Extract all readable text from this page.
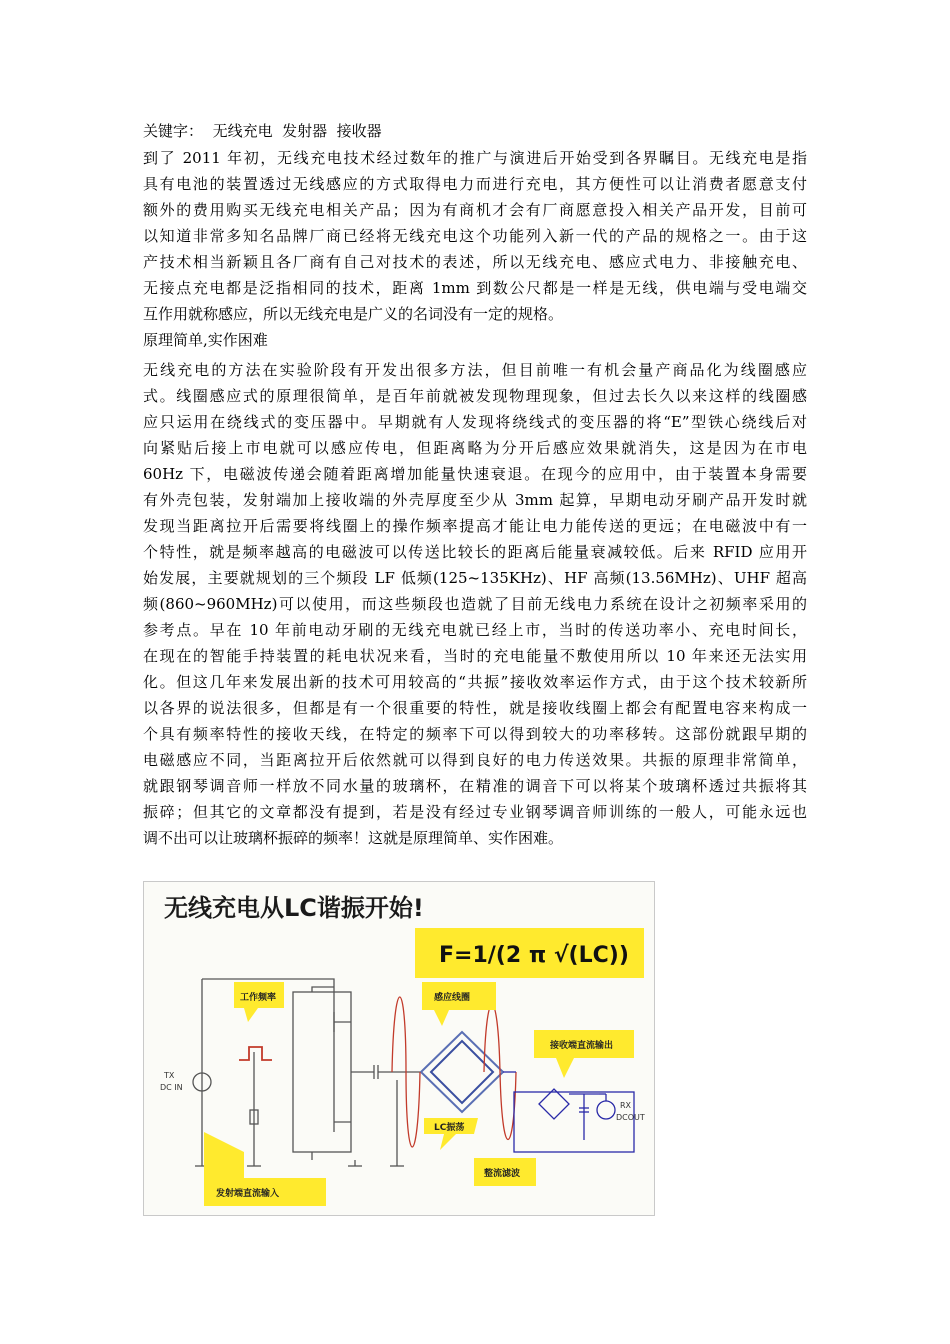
关键字： 无线充电  发射器  接收器
到了 2011 年初，无线充电技术经过数年的推广与演进后开始受到各界瞩目。无线充电是指
具有电池的装置透过无线感应的方式取得电力而进行充电，其方便性可以让消费者愿意支付
额外的费用购买无线充电相关产品；因为有商机才会有厂商愿意投入相关产品开发，目前可
以知道非常多知名品牌厂商已经将无线充电这个功能列入新一代的产品的规格之一。由于这
产技术相当新颖且各厂商有自己对技术的表述，所以无线充电、感应式电力、非接触充电、
无接点充电都是泛指相同的技术，距离 1mm 到数公尺都是一样是无线，供电端与受电端交
互作用就称感应，所以无线充电是广义的名词没有一定的规格。
原理简单,实作困难
无线充电的方法在实验阶段有开发出很多方法，但目前唯一有机会量产商品化为线圈感应
式。线圈感应式的原理很简单，是百年前就被发现物理现象，但过去长久以来这样的线圈感
应只运用在绕线式的变压器中。早期就有人发现将绕线式的变压器的将“E”型铁心绕线后对
向紧贴后接上市电就可以感应传电，但距离略为分开后感应效果就消失，这是因为在市电
60Hz 下，电磁波传递会随着距离增加能量快速衰退。在现今的应用中，由于装置本身需要
有外壳包装，发射端加上接收端的外壳厚度至少从 3mm 起算，早期电动牙刷产品开发时就
发现当距离拉开后需要将线圈上的操作频率提高才能让电力能传送的更远；在电磁波中有一
个特性，就是频率越高的电磁波可以传送比较长的距离后能量衰减较低。后来 RFID 应用开
始发展，主要就规划的三个频段 LF 低频(125~135KHz)、HF 高频(13.56MHz)、UHF 超高
频(860~960MHz)可以使用，而这些频段也造就了目前无线电力系统在设计之初频率采用的
参考点。早在 10 年前电动牙刷的无线充电就已经上市，当时的传送功率小、充电时间长，
在现在的智能手持装置的耗电状况来看，当时的充电能量不敷使用所以 10 年来还无法实用
化。但这几年来发展出新的技术可用较高的“共振”接收效率运作方式，由于这个技术较新所
以各界的说法很多，但都是有一个很重要的特性，就是接收线圈上都会有配置电容来构成一
个具有频率特性的接收天线，在特定的频率下可以得到较大的功率移转。这部份就跟早期的
电磁感应不同，当距离拉开后依然就可以得到良好的电力传送效果。共振的原理非常简单，
就跟钢琴调音师一样放不同水量的玻璃杯，在精准的调音下可以将某个玻璃杯透过共振将其
振碎；但其它的文章都没有提到，若是没有经过专业钢琴调音师训练的一般人，可能永远也
调不出可以让玻璃杯振碎的频率！这就是原理简单、实作困难。
无线充电从LC谐振开始!
F=1/(2 π √(LC))
TX
DC IN
RX
DCOUT
工作频率	感应线圈
接收端直流输出
LC振荡
整流滤波
发射端直流输入
